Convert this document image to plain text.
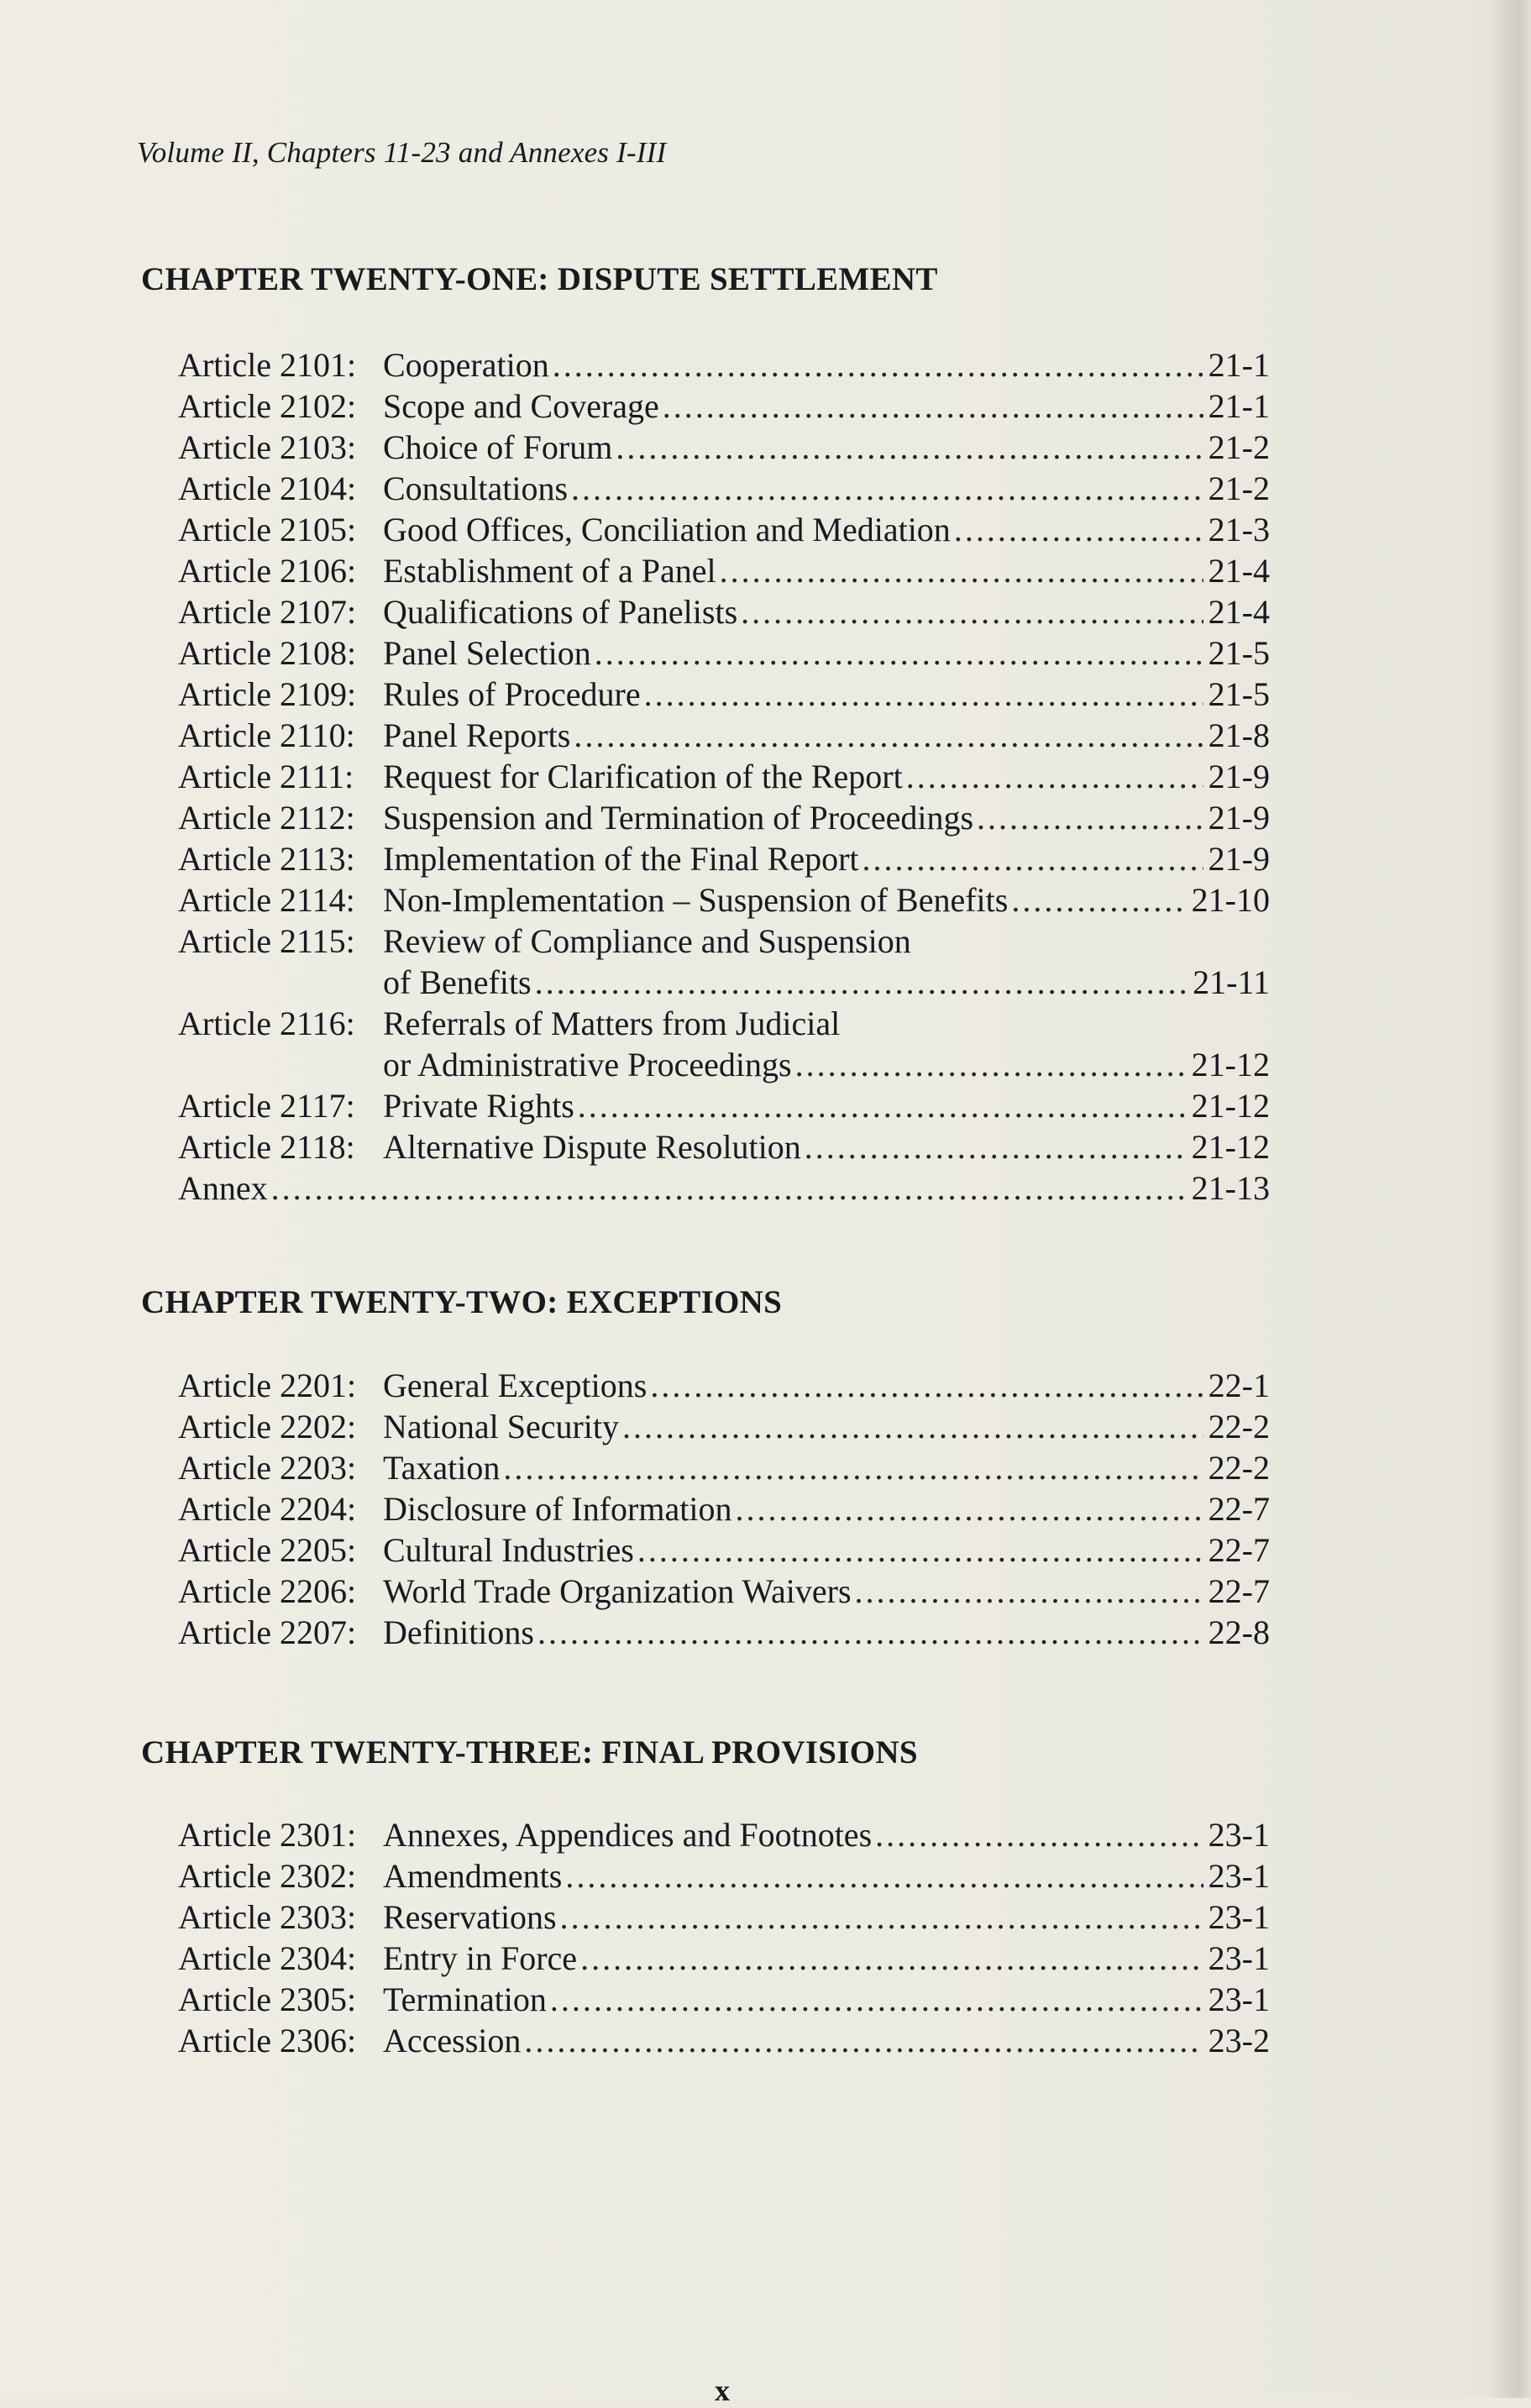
Volume II, Chapters 11-23 and Annexes I-III
CHAPTER TWENTY-ONE: DISPUTE SETTLEMENT
Article 2101: Cooperation .....	21-1
Article 2102: Scope and Coverage .....	21-1
Article 2103: Choice of Forum .....	21-2
Article 2104: Consultations .....	21-2
Article 2105: Good Offices, Conciliation and Mediation .....	21-3
Article 2106: Establishment of a Panel .....	21-4
Article 2107: Qualifications of Panelists .....	21-4
Article 2108: Panel Selection .....	21-5
Article 2109: Rules of Procedure .....	21-5
Article 2110: Panel Reports .....	21-8
Article 2111: Request for Clarification of the Report .....	21-9
Article 2112: Suspension and Termination of Proceedings .....	21-9
Article 2113: Implementation of the Final Report .....	21-9
Article 2114: Non-Implementation – Suspension of Benefits .....	21-10
Article 2115: Review of Compliance and Suspension
of Benefits .....	21-11
Article 2116: Referrals of Matters from Judicial
or Administrative Proceedings .....	21-12
Article 2117: Private Rights .....	21-12
Article 2118: Alternative Dispute Resolution .....	21-12
Annex .....	21-13
CHAPTER TWENTY-TWO: EXCEPTIONS
Article 2201: General Exceptions .....	22-1
Article 2202: National Security .....	22-2
Article 2203: Taxation .....	22-2
Article 2204: Disclosure of Information .....	22-7
Article 2205: Cultural Industries .....	22-7
Article 2206: World Trade Organization Waivers .....	22-7
Article 2207: Definitions .....	22-8
CHAPTER TWENTY-THREE: FINAL PROVISIONS
Article 2301: Annexes, Appendices and Footnotes .....	23-1
Article 2302: Amendments .....	23-1
Article 2303: Reservations .....	23-1
Article 2304: Entry in Force .....	23-1
Article 2305: Termination .....	23-1
Article 2306: Accession .....	23-2
x
